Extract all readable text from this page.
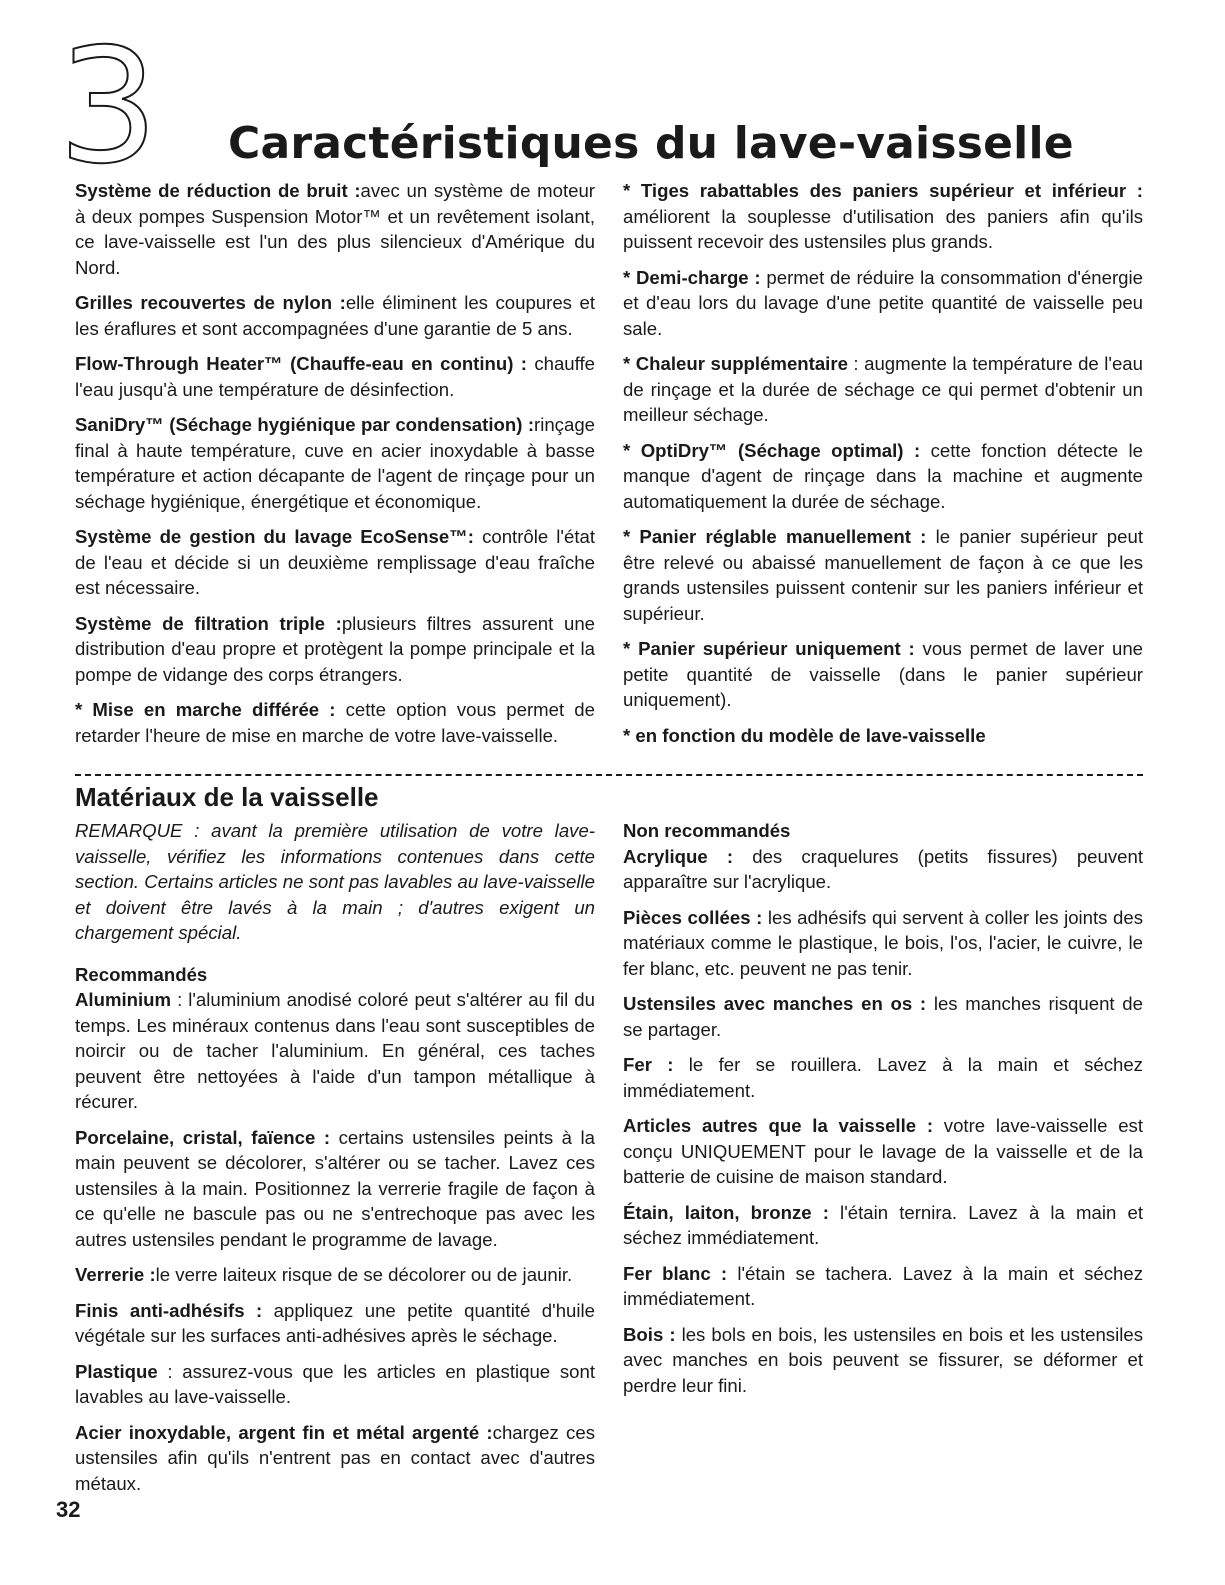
3 Caractéristiques du lave-vaisselle

Système de réduction de bruit :avec un système de moteur à deux pompes Suspension Motor™ et un revêtement isolant, ce lave-vaisselle est l'un des plus silencieux d'Amérique du Nord.

Grilles recouvertes de nylon :elle éliminent les coupures et les éraflures et sont accompagnées d'une garantie de 5 ans.

Flow-Through Heater™ (Chauffe-eau en continu) : chauffe l'eau jusqu'à une température de désinfection.

SaniDry™ (Séchage hygiénique par condensation) :rinçage final à haute température, cuve en acier inoxydable à basse température et action décapante de l'agent de rinçage pour un séchage hygiénique, énergétique et économique.

Système de gestion du lavage EcoSense™: contrôle l'état de l'eau et décide si un deuxième remplissage d'eau fraîche est nécessaire.

Système de filtration triple :plusieurs filtres assurent une distribution d'eau propre et protègent la pompe principale et la pompe de vidange des corps étrangers.

* Mise en marche différée : cette option vous permet de retarder l'heure de mise en marche de votre lave-vaisselle.

* Tiges rabattables des paniers supérieur et inférieur : améliorent la souplesse d'utilisation des paniers afin qu'ils puissent recevoir des ustensiles plus grands.

* Demi-charge : permet de réduire la consommation d'énergie et d'eau lors du lavage d'une petite quantité de vaisselle peu sale.

* Chaleur supplémentaire : augmente la température de l'eau de rinçage et la durée de séchage ce qui permet d'obtenir un meilleur séchage.

* OptiDry™ (Séchage optimal) : cette fonction détecte le manque d'agent de rinçage dans la machine et augmente automatiquement la durée de séchage.

* Panier réglable manuellement : le panier supérieur peut être relevé ou abaissé manuellement de façon à ce que les grands ustensiles puissent contenir sur les paniers inférieur et supérieur.

* Panier supérieur uniquement : vous permet de laver une petite quantité de vaisselle (dans le panier supérieur uniquement).

* en fonction du modèle de lave-vaisselle

Matériaux de la vaisselle

REMARQUE : avant la première utilisation de votre lave-vaisselle, vérifiez les informations contenues dans cette section. Certains articles ne sont pas lavables au lave-vaisselle et doivent être lavés à la main ; d'autres exigent un chargement spécial.

Recommandés

Aluminium : l'aluminium anodisé coloré peut s'altérer au fil du temps. Les minéraux contenus dans l'eau sont susceptibles de noircir ou de tacher l'aluminium. En général, ces taches peuvent être nettoyées à l'aide d'un tampon métallique à récurer.

Porcelaine, cristal, faïence : certains ustensiles peints à la main peuvent se décolorer, s'altérer ou se tacher. Lavez ces ustensiles à la main. Positionnez la verrerie fragile de façon à ce qu'elle ne bascule pas ou ne s'entrechoque pas avec les autres ustensiles pendant le programme de lavage.

Verrerie :le verre laiteux risque de se décolorer ou de jaunir.

Finis anti-adhésifs : appliquez une petite quantité d'huile végétale sur les surfaces anti-adhésives après le séchage.

Plastique : assurez-vous que les articles en plastique sont lavables au lave-vaisselle.

Acier inoxydable, argent fin et métal argenté :chargez ces ustensiles afin qu'ils n'entrent pas en contact avec d'autres métaux.

Non recommandés

Acrylique : des craquelures (petits fissures) peuvent apparaître sur l'acrylique.

Pièces collées : les adhésifs qui servent à coller les joints des matériaux comme le plastique, le bois, l'os, l'acier, le cuivre, le fer blanc, etc. peuvent ne pas tenir.

Ustensiles avec manches en os : les manches risquent de se partager.

Fer : le fer se rouillera. Lavez à la main et séchez immédiatement.

Articles autres que la vaisselle : votre lave-vaisselle est conçu UNIQUEMENT pour le lavage de la vaisselle et de la batterie de cuisine de maison standard.

Étain, laiton, bronze : l'étain ternira. Lavez à la main et séchez immédiatement.

Fer blanc : l'étain se tachera. Lavez à la main et séchez immédiatement.

Bois : les bols en bois, les ustensiles en bois et les ustensiles avec manches en bois peuvent se fissurer, se déformer et perdre leur fini.

32
